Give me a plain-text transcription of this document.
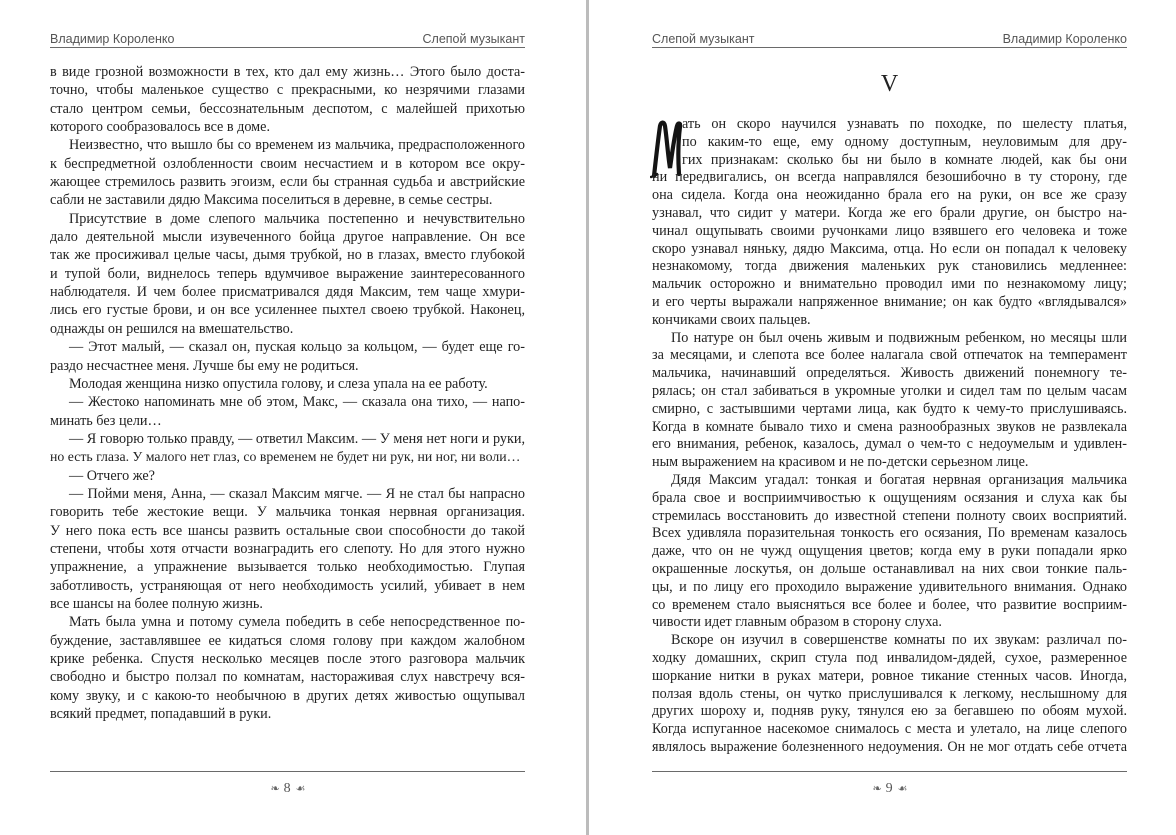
Владимир Короленко	Слепой музыкант
в виде грозной возможности в тех, кто дал ему жизнь… Этого было доста-
точно, чтобы маленькое существо с прекрасными, ко незрячими глазами
стало центром семьи, бессознательным деспотом, с малейшей прихотью
которого сообразовалось все в доме.
Неизвестно, что вышло бы со временем из мальчика, предрасположенного
к беспредметной озлобленности своим несчастием и в котором все окру-
жающее стремилось развить эгоизм, если бы странная судьба и австрийские
сабли не заставили дядю Максима поселиться в деревне, в семье сестры.
Присутствие в доме слепого мальчика постепенно и нечувствительно
дало деятельной мысли изувеченного бойца другое направление. Он все
так же просиживал целые часы, дымя трубкой, но в глазах, вместо глубокой
и тупой боли, виднелось теперь вдумчивое выражение заинтересованного
наблюдателя. И чем более присматривался дядя Максим, тем чаще хмури-
лись его густые брови, и он все усиленнее пыхтел своею трубкой. Наконец,
однажды он решился на вмешательство.
— Этот малый, — сказал он, пуская кольцо за кольцом, — будет еще го-
раздо несчастнее меня. Лучше бы ему не родиться.
Молодая женщина низко опустила голову, и слеза упала на ее работу.
— Жестоко напоминать мне об этом, Макс, — сказала она тихо, — напо-
минать без цели…
— Я говорю только правду, — ответил Максим. — У меня нет ноги и руки,
но есть глаза. У малого нет глаз, со временем не будет ни рук, ни ног, ни воли…
— Отчего же?
— Пойми меня, Анна, — сказал Максим мягче. — Я не стал бы напрасно
говорить тебе жестокие вещи. У мальчика тонкая нервная организация.
У него пока есть все шансы развить остальные свои способности до такой
степени, чтобы хотя отчасти вознаградить его слепоту. Но для этого нужно
упражнение, а упражнение вызывается только необходимостью. Глупая
заботливость, устраняющая от него необходимость усилий, убивает в нем
все шансы на более полную жизнь.
Мать была умна и потому сумела победить в себе непосредственное по-
буждение, заставлявшее ее кидаться сломя голову при каждом жалобном
крике ребенка. Спустя несколько месяцев после этого разговора мальчик
свободно и быстро ползал по комнатам, настораживая слух навстречу вся-
кому звуку, и с какою-то необычною в других детях живостью ощупывал
всякий предмет, попадавший в руки.
❧ 8 ☙
Слепой музыкант	Владимир Короленко
V
ать он скоро научился узнавать по походке, по шелесту платья,
по каким-то еще, ему одному доступным, неуловимым для дру-
гих признакам: сколько бы ни было в комнате людей, как бы они
ни передвигались, он всегда направлялся безошибочно в ту сторону, где
она сидела. Когда она неожиданно брала его на руки, он все же сразу
узнавал, что сидит у матери. Когда же его брали другие, он быстро на-
чинал ощупывать своими ручонками лицо взявшего его человека и тоже
скоро узнавал няньку, дядю Максима, отца. Но если он попадал к человеку
незнакомому, тогда движения маленьких рук становились медленнее:
мальчик осторожно и внимательно проводил ими по незнакомому лицу;
и его черты выражали напряженное внимание; он как будто «вглядывался»
кончиками своих пальцев.
По натуре он был очень живым и подвижным ребенком, но месяцы шли
за месяцами, и слепота все более налагала свой отпечаток на темперамент
мальчика, начинавший определяться. Живость движений понемногу те-
рялась; он стал забиваться в укромные уголки и сидел там по целым часам
смирно, с застывшими чертами лица, как будто к чему-то прислушиваясь.
Когда в комнате бывало тихо и смена разнообразных звуков не развлекала
его внимания, ребенок, казалось, думал о чем-то с недоумелым и удивлен-
ным выражением на красивом и не по-детски серьезном лице.
Дядя Максим угадал: тонкая и богатая нервная организация мальчика
брала свое и восприимчивостью к ощущениям осязания и слуха как бы
стремилась восстановить до известной степени полноту своих восприятий.
Всех удивляла поразительная тонкость его осязания, По временам казалось
даже, что он не чужд ощущения цветов; когда ему в руки попадали ярко
окрашенные лоскутья, он дольше останавливал на них свои тонкие паль-
цы, и по лицу его проходило выражение удивительного внимания. Однако
со временем стало выясняться все более и более, что развитие восприим-
чивости идет главным образом в сторону слуха.
Вскоре он изучил в совершенстве комнаты по их звукам: различал по-
ходку домашних, скрип стула под инвалидом-дядей, сухое, размеренное
шоркание нитки в руках матери, ровное тикание стенных часов. Иногда,
ползая вдоль стены, он чутко прислушивался к легкому, неслышному для
других шороху и, подняв руку, тянулся ею за бегавшею по обоям мухой.
Когда испуганное насекомое снималось с места и улетало, на лице слепого
являлось выражение болезненного недоумения. Он не мог отдать себе отчета
❧ 9 ☙
